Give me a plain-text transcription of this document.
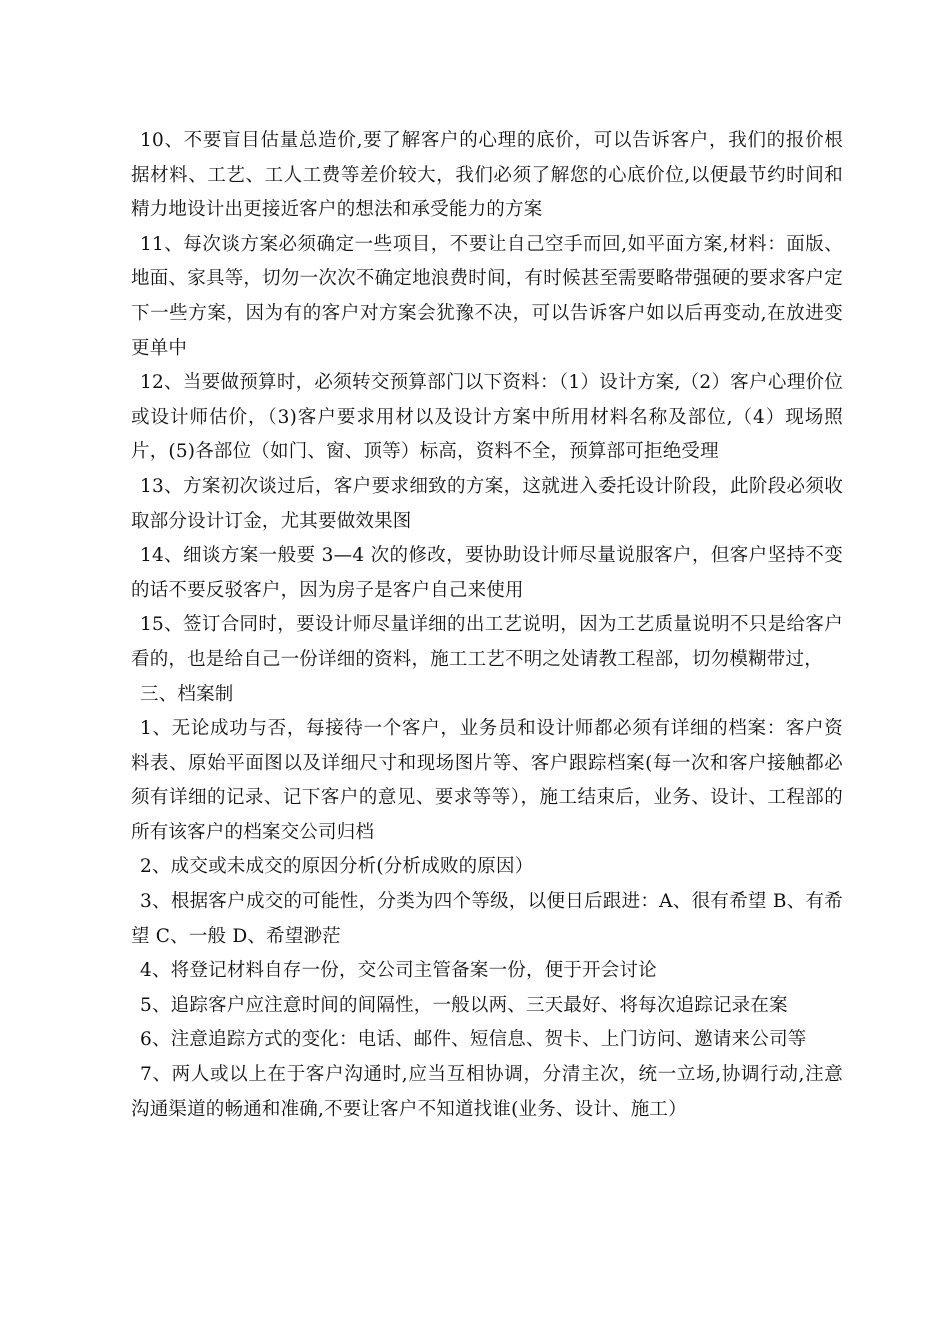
10、不要盲目估量总造价,要了解客户的心理的底价，可以告诉客户，我们的报价根据材料、工艺、工人工费等差价较大，我们必须了解您的心底价位,以便最节约时间和精力地设计出更接近客户的想法和承受能力的方案

11、每次谈方案必须确定一些项目，不要让自己空手而回,如平面方案,材料：面版、地面、家具等，切勿一次次不确定地浪费时间，有时候甚至需要略带强硬的要求客户定下一些方案，因为有的客户对方案会犹豫不决，可以告诉客户如以后再变动,在放进变更单中

12、当要做预算时，必须转交预算部门以下资料：（1）设计方案,（2）客户心理价位或设计师估价，（3)客户要求用材以及设计方案中所用材料名称及部位,（4）现场照片，(5)各部位（如门、窗、顶等）标高，资料不全，预算部可拒绝受理

13、方案初次谈过后，客户要求细致的方案，这就进入委托设计阶段，此阶段必须收取部分设计订金，尤其要做效果图

14、细谈方案一般要 3—4 次的修改，要协助设计师尽量说服客户，但客户坚持不变的话不要反驳客户，因为房子是客户自己来使用

15、签订合同时，要设计师尽量详细的出工艺说明，因为工艺质量说明不只是给客户看的，也是给自己一份详细的资料，施工工艺不明之处请教工程部，切勿模糊带过，

三、档案制

1、无论成功与否，每接待一个客户，业务员和设计师都必须有详细的档案：客户资料表、原始平面图以及详细尺寸和现场图片等、客户跟踪档案(每一次和客户接触都必须有详细的记录、记下客户的意见、要求等等），施工结束后，业务、设计、工程部的所有该客户的档案交公司归档

2、成交或未成交的原因分析(分析成败的原因）

3、根据客户成交的可能性，分类为四个等级，以便日后跟进：A、很有希望 B、有希望 C、一般 D、希望渺茫

4、将登记材料自存一份，交公司主管备案一份，便于开会讨论

5、追踪客户应注意时间的间隔性，一般以两、三天最好、将每次追踪记录在案

6、注意追踪方式的变化：电话、邮件、短信息、贺卡、上门访问、邀请来公司等

7、两人或以上在于客户沟通时,应当互相协调，分清主次，统一立场,协调行动,注意沟通渠道的畅通和准确,不要让客户不知道找谁(业务、设计、施工）
